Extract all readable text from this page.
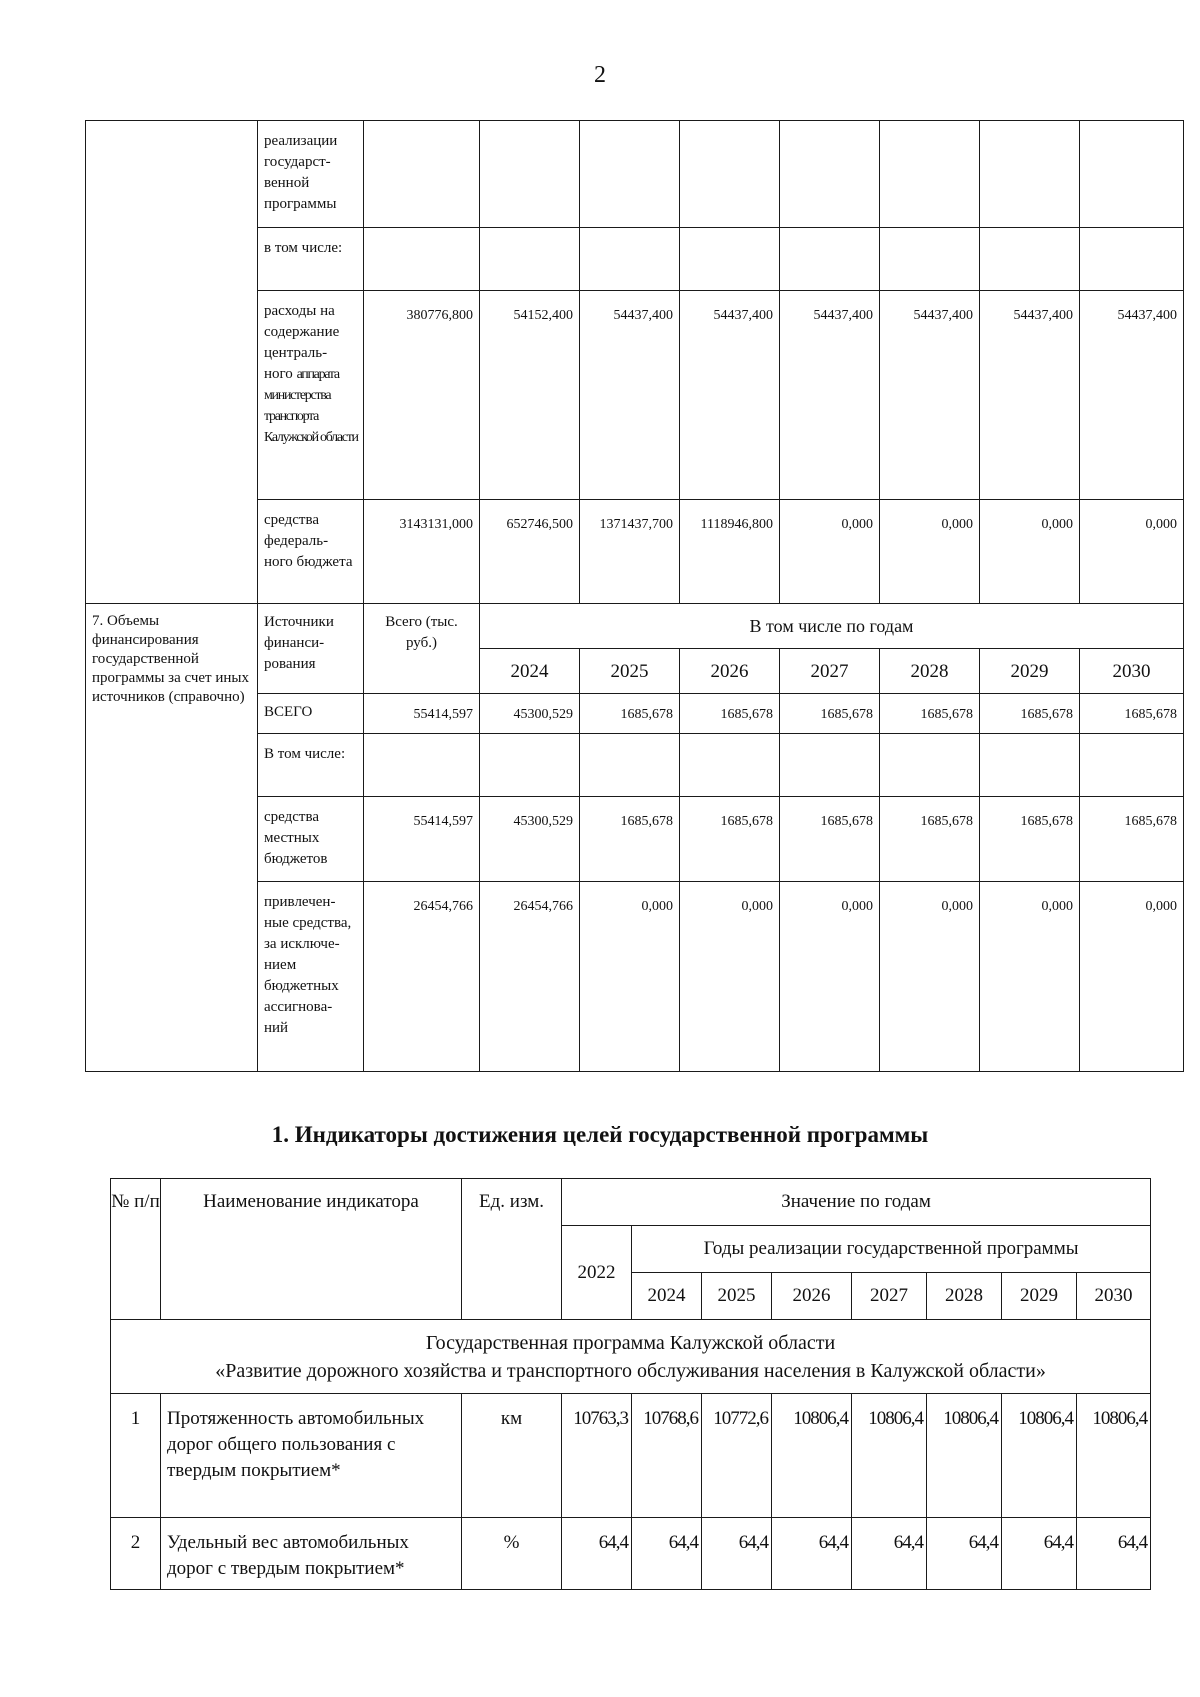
2
	реализации государст- венной программы								
	в том числе:								
	расходы на содержание централь- ного аппарата министерства транспорта Калужской области	380776,800	54152,400	54437,400	54437,400	54437,400	54437,400	54437,400	54437,400
	средства федераль- ного бюджета	3143131,000	652746,500	1371437,700	1118946,800	0,000	0,000	0,000	0,000
7. Объемы финансирования государственной программы за счет иных источников (справочно)	Источники финанси- рования	Всего (тыс. руб.)	В том числе по годам						
			2024	2025	2026	2027	2028	2029	2030
	ВСЕГО	55414,597	45300,529	1685,678	1685,678	1685,678	1685,678	1685,678	1685,678
	В том числе:								
	средства местных бюджетов	55414,597	45300,529	1685,678	1685,678	1685,678	1685,678	1685,678	1685,678
	привлечен- ные средства, за исключе- нием бюджетных ассигнова- ний	26454,766	26454,766	0,000	0,000	0,000	0,000	0,000	0,000
1. Индикаторы достижения целей государственной программы
№ п/п	Наименование индикатора	Ед. изм.	Значение по годам							
			2022	Годы реализации государственной программы						
				2024	2025	2026	2027	2028	2029	2030

Государственная программа Калужской области
«Развитие дорожного хозяйства и транспортного обслуживания населения в Калужской области»										

1	Протяженность автомобильных дорог общего пользования с твердым покрытием*	км	10763,3	10768,6	10772,6	10806,4	10806,4	10806,4	10806,4	10806,4
2	Удельный вес автомобильных дорог с твердым покрытием*	%	64,4	64,4	64,4	64,4	64,4	64,4	64,4	64,4
